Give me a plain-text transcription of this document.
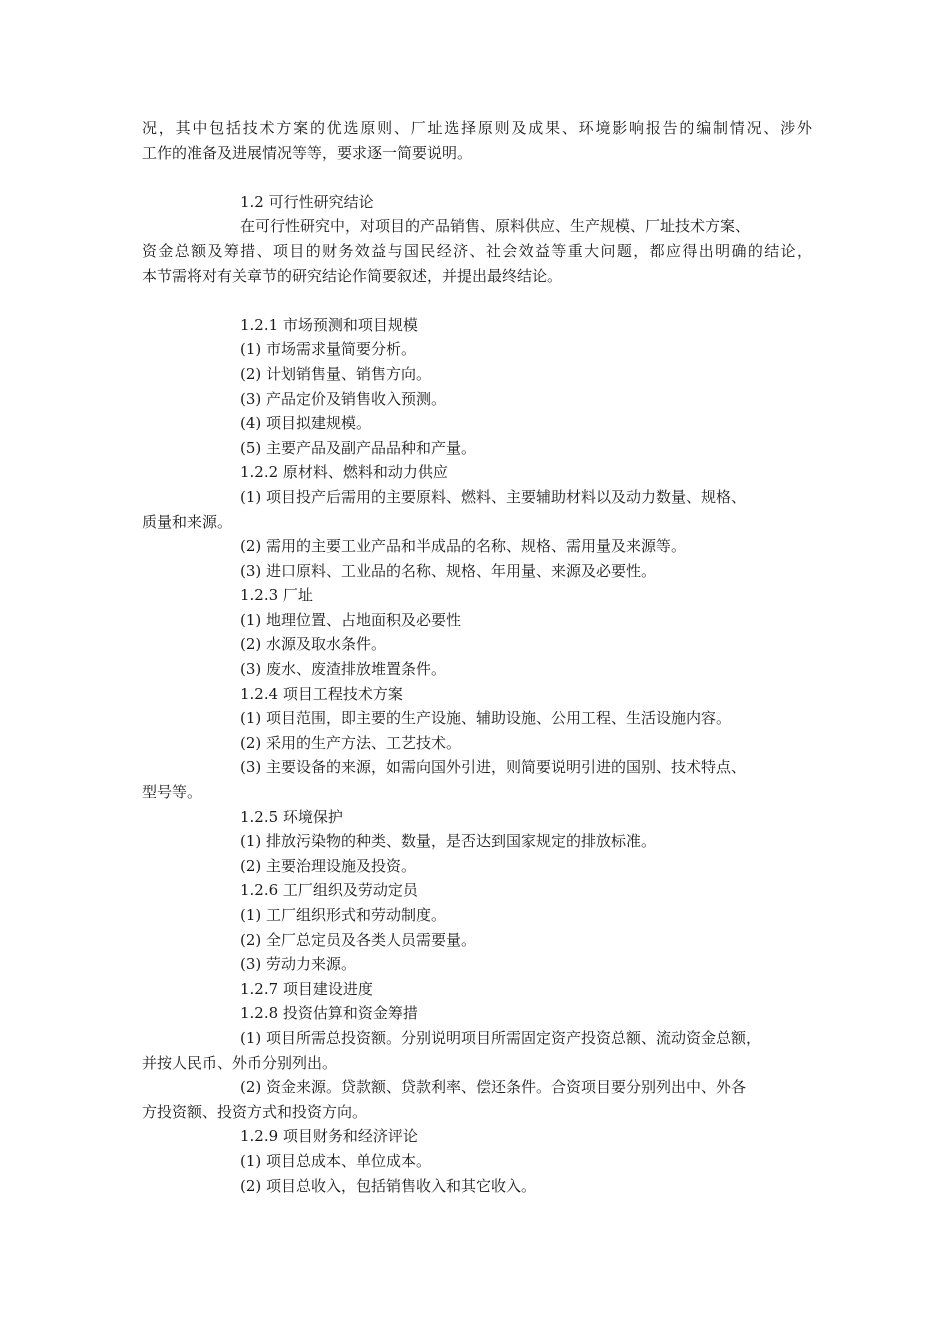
况，其中包括技术方案的优选原则、厂址选择原则及成果、环境影响报告的编制情况、涉外
工作的准备及进展情况等等，要求逐一简要说明。
1.2 可行性研究结论
在可行性研究中，对项目的产品销售、原料供应、生产规模、厂址技术方案、
资金总额及筹措、项目的财务效益与国民经济、社会效益等重大问题，都应得出明确的结论，
本节需将对有关章节的研究结论作简要叙述，并提出最终结论。
1.2.1 市场预测和项目规模
(1) 市场需求量简要分析。
(2) 计划销售量、销售方向。
(3) 产品定价及销售收入预测。
(4) 项目拟建规模。
(5) 主要产品及副产品品种和产量。
1.2.2 原材料、燃料和动力供应
(1) 项目投产后需用的主要原料、燃料、主要辅助材料以及动力数量、规格、
质量和来源。
(2) 需用的主要工业产品和半成品的名称、规格、需用量及来源等。
(3) 进口原料、工业品的名称、规格、年用量、来源及必要性。
1.2.3 厂址
(1) 地理位置、占地面积及必要性
(2) 水源及取水条件。
(3) 废水、废渣排放堆置条件。
1.2.4 项目工程技术方案
(1) 项目范围，即主要的生产设施、辅助设施、公用工程、生活设施内容。
(2) 采用的生产方法、工艺技术。
(3) 主要设备的来源，如需向国外引进，则简要说明引进的国别、技术特点、
型号等。
1.2.5 环境保护
(1) 排放污染物的种类、数量，是否达到国家规定的排放标准。
(2) 主要治理设施及投资。
1.2.6 工厂组织及劳动定员
(1) 工厂组织形式和劳动制度。
(2) 全厂总定员及各类人员需要量。
(3) 劳动力来源。
1.2.7 项目建设进度
1.2.8 投资估算和资金筹措
(1) 项目所需总投资额。分别说明项目所需固定资产投资总额、流动资金总额，
并按人民币、外币分别列出。
(2) 资金来源。贷款额、贷款利率、偿还条件。合资项目要分别列出中、外各
方投资额、投资方式和投资方向。
1.2.9 项目财务和经济评论
(1) 项目总成本、单位成本。
(2) 项目总收入，包括销售收入和其它收入。
